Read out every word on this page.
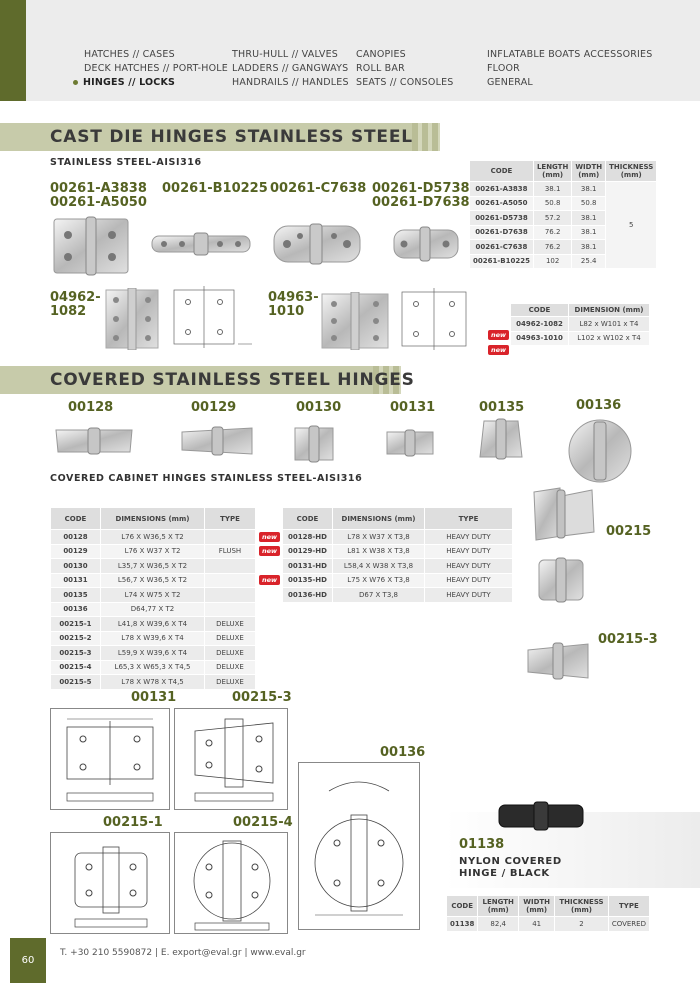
HATCHES // CASES
DECK HATCHES // PORT-HOLE
HINGES // LOCKS
THRU-HULL // VALVES
LADDERS // GANGWAYS
HANDRAILS // HANDLES
CANOPIES
ROLL BAR
SEATS // CONSOLES
INFLATABLE BOATS ACCESSORIES
FLOOR
GENERAL
CAST DIE HINGES STAINLESS STEEL
STAINLESS STEEL-AISI316
00261-A3838
00261-A5050
00261-B10225 00261-C7638 00261-D5738
00261-D7638
CODE	LENGTH (mm)	WIDTH (mm)	THICKNESS (mm)
00261-A3838	38.1	38.1	5
00261-A5050	50.8	50.8	
00261-D5738	57.2	38.1	
00261-D7638	76.2	38.1	
00261-C7638	76.2	38.1	
00261-B10225	102	25.4	
04962-
1082
04963-
1010	CODE	DIMENSION (mm)
04962-1082	L82 x W101 x T4
04963-1010	L102 x W102 x T4
new
new
COVERED STAINLESS STEEL HINGES
00128	00129	00130	00131	00135	00136
COVERED CABINET HINGES STAINLESS STEEL-AISI316
CODE	DIMENSIONS (mm)	TYPE
00128	L76 X W36,5 X T2	
00129	L76 X W37 X T2	FLUSH
00130	L35,7 X W36,5 X T2	
00131	L56,7 X W36,5 X T2	
00135	L74 X W75 X T2	
00136	D64,77 X T2	
00215-1	L41,8 X W39,6 X T4	DELUXE
00215-2	L78 X W39,6 X T4	DELUXE
00215-3	L59,9 X W39,6 X T4	DELUXE
00215-4	L65,3 X W65,3 X T4,5	DELUXE
00215-5	L78 X W78 X T4,5	DELUXE
CODE	DIMENSIONS (mm)	TYPE
00128-HD	L78 X W37 X T3,8	HEAVY DUTY
00129-HD	L81 X W38 X T3,8	HEAVY DUTY
00131-HD	L58,4 X W38 X T3,8	HEAVY DUTY
00135-HD	L75 X W76 X T3,8	HEAVY DUTY
00136-HD	D67 X T3,8	HEAVY DUTY
new
new
new
00215
00215-3
00131	00215-3
00136
00215-1	00215-4
01138
NYLON COVERED
HINGE / BLACK
CODE	LENGTH (mm)	WIDTH (mm)	THICKNESS (mm)	TYPE
01138	82,4	41	2	COVERED
60
T. +30 210 5590872 | E. export@eval.gr | www.eval.gr
